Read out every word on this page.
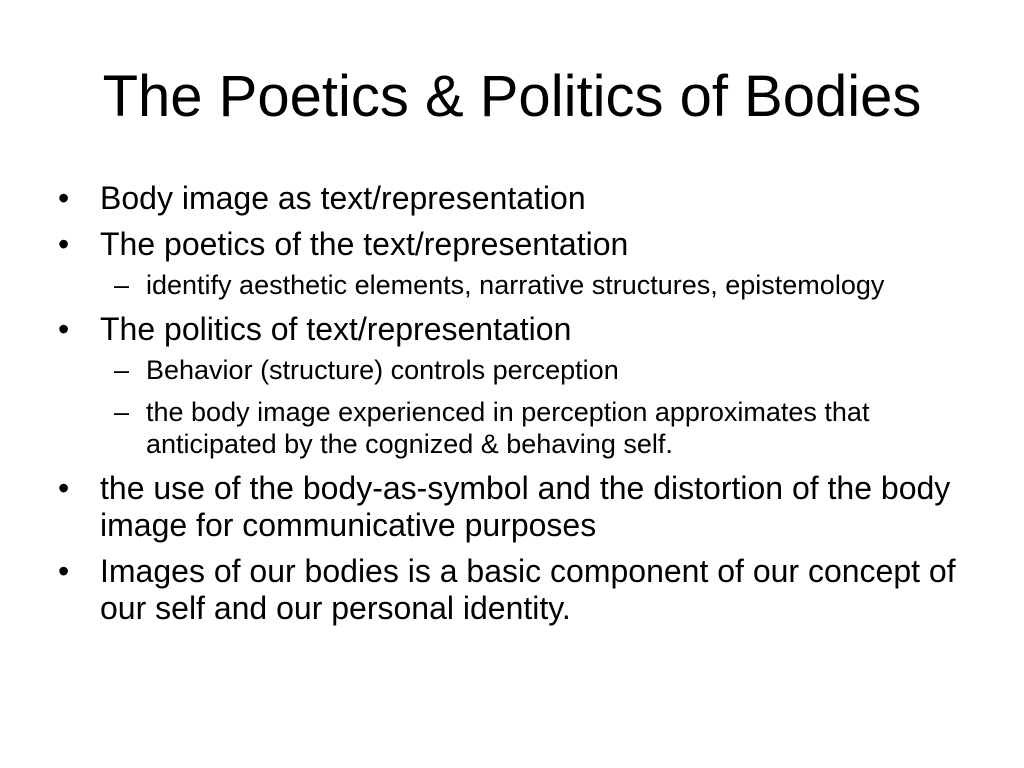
The Poetics & Politics of Bodies
• Body image as text/representation
• The poetics of the text/representation
– identify aesthetic elements, narrative structures, epistemology
• The politics of text/representation
– Behavior (structure) controls perception
– the body image experienced in perception approximates that anticipated by the cognized & behaving self.
• the use of the body-as-symbol and the distortion of the body image for communicative purposes
• Images of our bodies is a basic component of our concept of our self and our personal identity.
